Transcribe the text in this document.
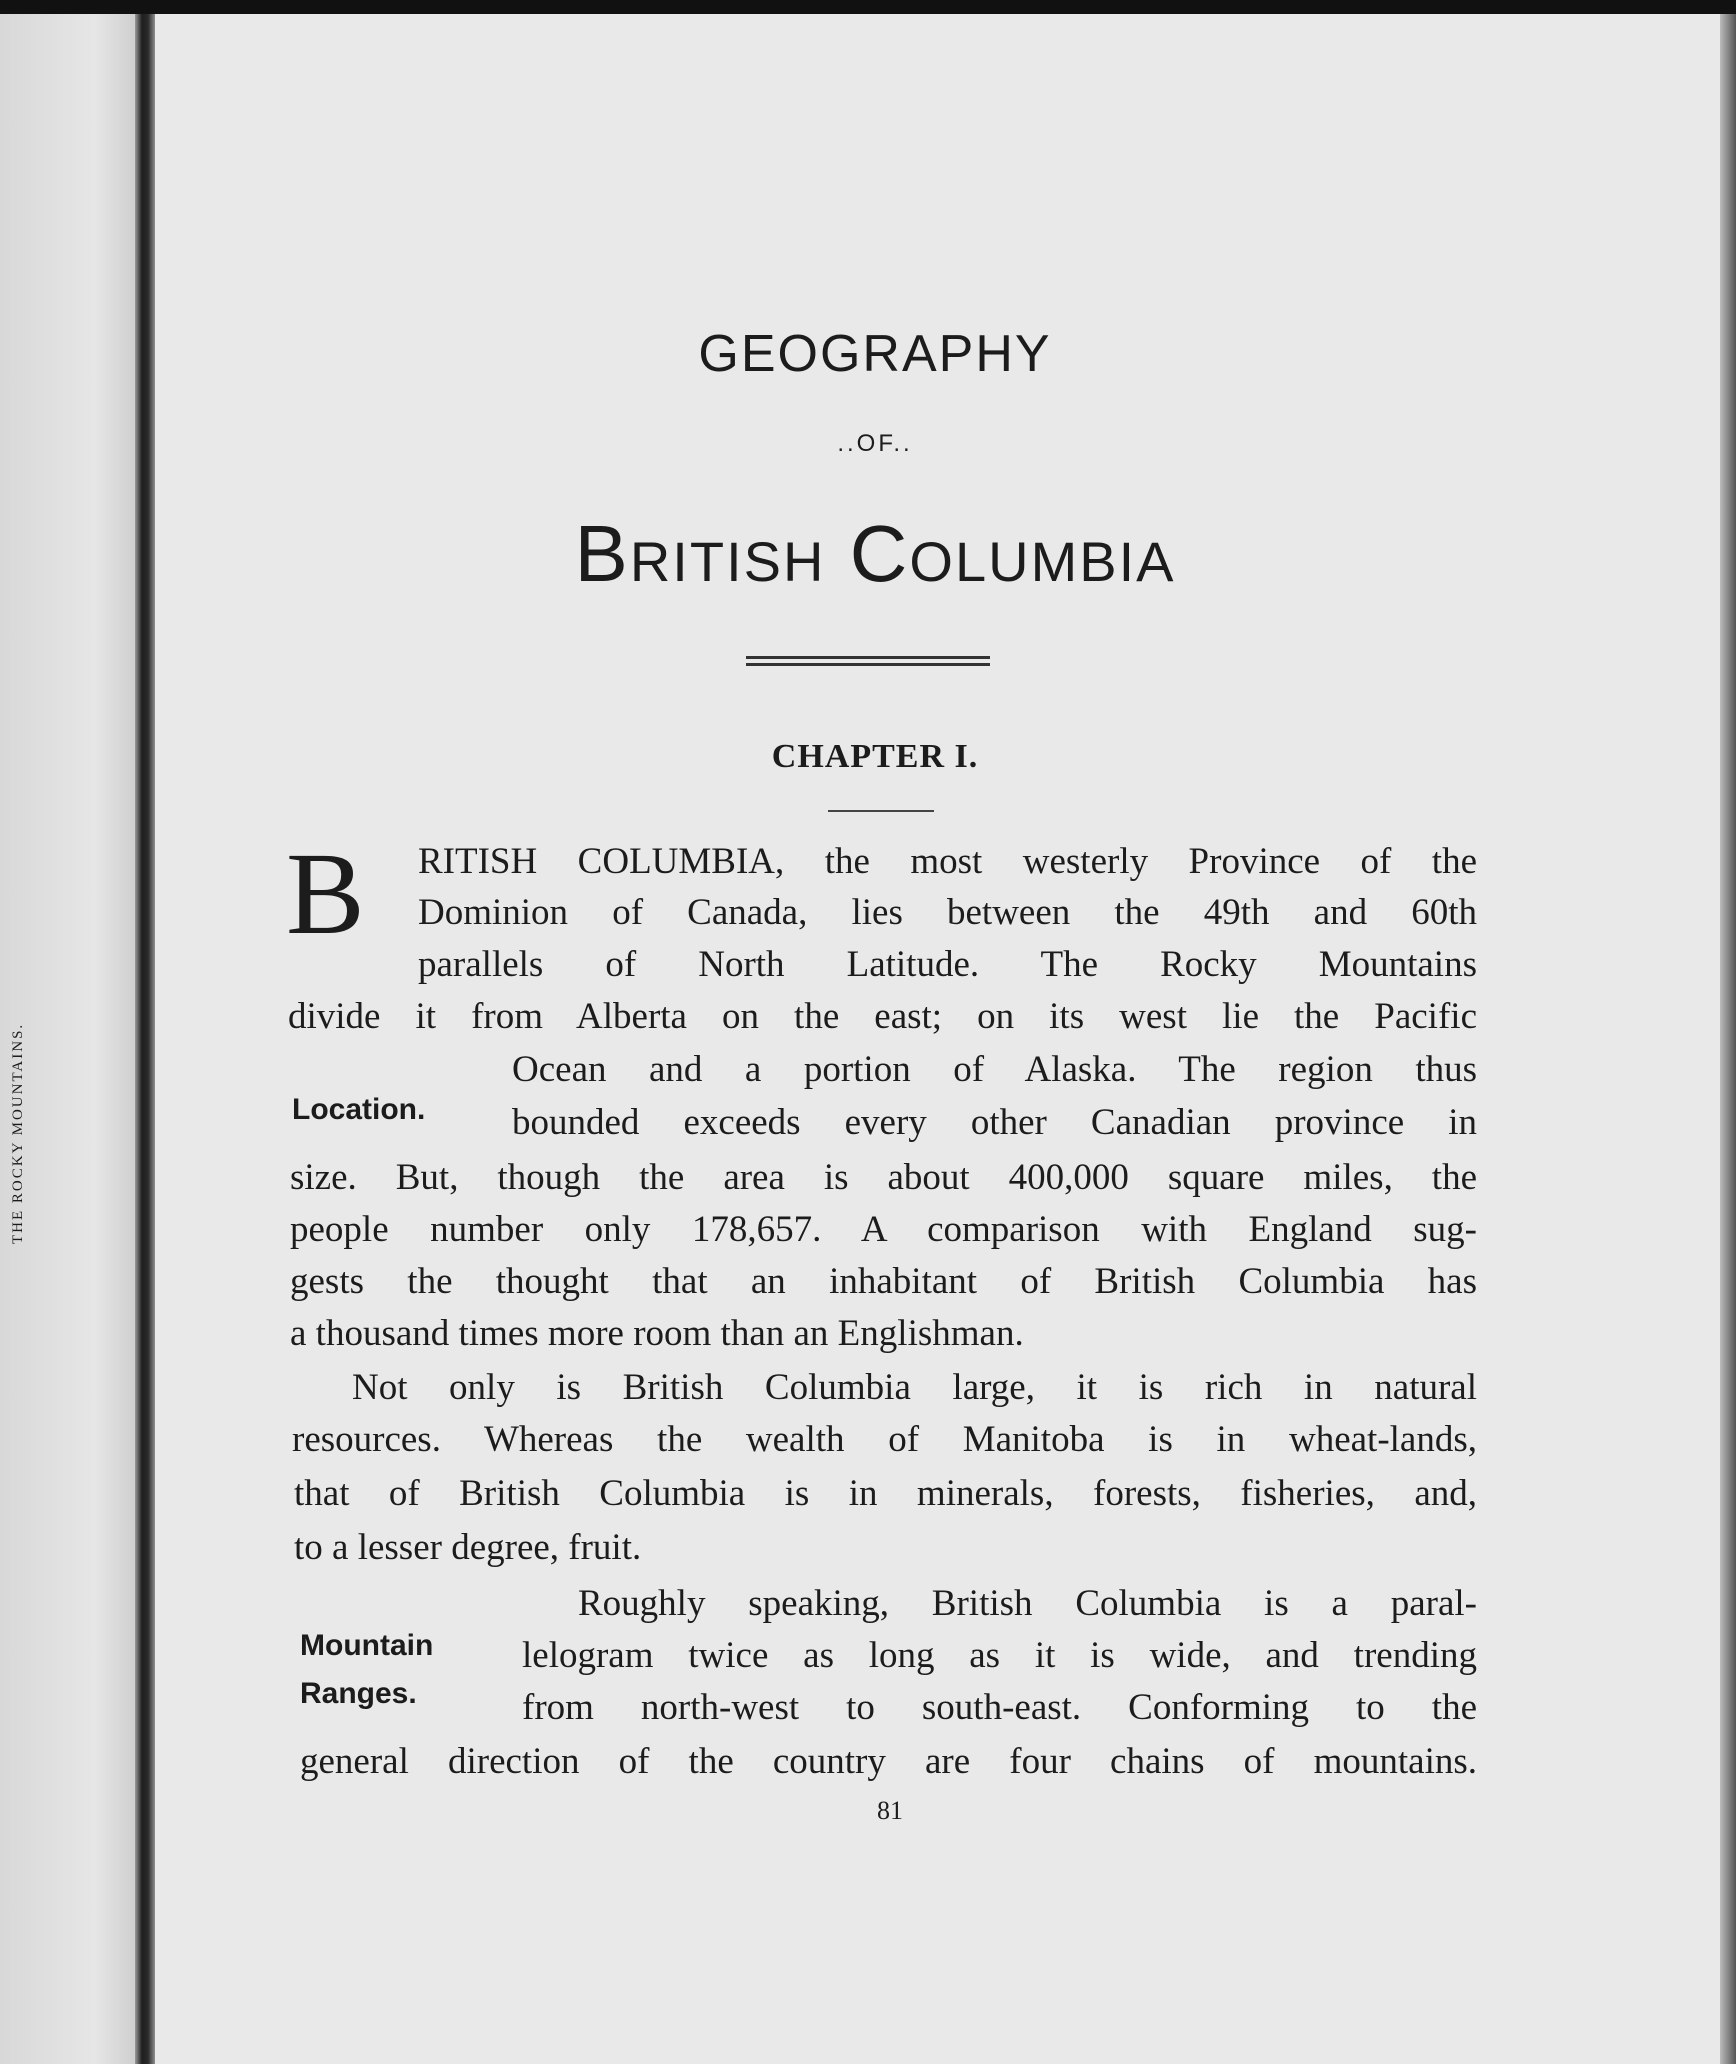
THE ROCKY MOUNTAINS.
GEOGRAPHY
..OF..
British Columbia
CHAPTER I.
B RITISH COLUMBIA, the most westerly Province of the
Dominion of Canada, lies between the 49th and 60th
parallels of North Latitude. The Rocky Mountains
divide it from Alberta on the east; on its west lie the Pacific
Ocean and a portion of Alaska. The region thus
bounded exceeds every other Canadian province in
size. But, though the area is about 400,000 square miles, the
people number only 178,657. A comparison with England sug-
gests the thought that an inhabitant of British Columbia has
a thousand times more room than an Englishman.
Not only is British Columbia large, it is rich in natural
resources. Whereas the wealth of Manitoba is in wheat-lands,
that of British Columbia is in minerals, forests, fisheries, and,
to a lesser degree, fruit.
Roughly speaking, British Columbia is a paral-
lelogram twice as long as it is wide, and trending
from north-west to south-east. Conforming to the
general direction of the country are four chains of mountains.
Location.
Mountain
Ranges.
81
